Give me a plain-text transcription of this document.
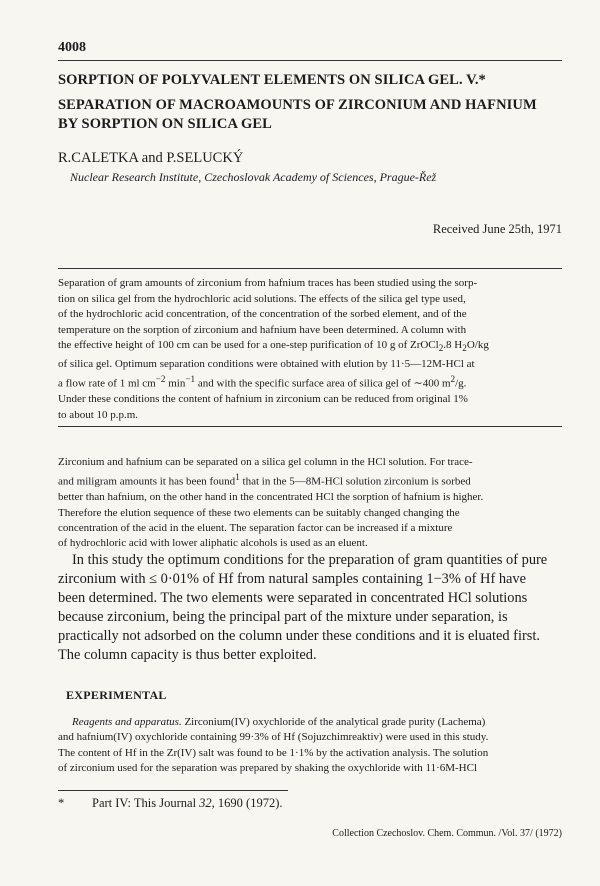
4008
SORPTION OF POLYVALENT ELEMENTS ON SILICA GEL. V.*
SEPARATION OF MACROAMOUNTS OF ZIRCONIUM AND HAFNIUM
BY SORPTION ON SILICA GEL
R.CALETKA and P.SELUCKÝ
Nuclear Research Institute, Czechoslovak Academy of Sciences, Prague-Řež
Received June 25th, 1971
Separation of gram amounts of zirconium from hafnium traces has been studied using the sorp-
tion on silica gel from the hydrochloric acid solutions. The effects of the silica gel type used,
of the hydrochloric acid concentration, of the concentration of the sorbed element, and of the
temperature on the sorption of zirconium and hafnium have been determined. A column with
the effective height of 100 cm can be used for a one-step purification of 10 g of ZrOCl$_2$.8 $H_2O/kg$
of silica gel. Optimum separation conditions were obtained with elution by 11·5—12M-HCl at
a flow rate of 1 ml $cm^{-2}$ $\min^{-1}$ and with the specific surface area of silica gel of ∼400 $m^2/g$.
Under these conditions the content of hafnium in zirconium can be reduced from original 1%
to about 10 p.p.m.
Zirconium and hafnium can be separated on a silica gel column in the HCl solution. For trace-
and miligram amounts it has been found$^1$ that in the 5—8M-HCl solution zirconium is sorbed
better than hafnium, on the other hand in the concentrated HCl the sorption of hafnium is higher.
Therefore the elution sequence of these two elements can be suitably changed changing the
concentration of the acid in the eluent. The separation factor can be increased if a mixture
of hydrochloric acid with lower aliphatic alcohols is used as an eluent.
In this study the optimum conditions for the preparation of gram quantities of pure
zirconium with ≤ 0·01% of Hf from natural samples containing 1−3% of Hf have
been determined. The two elements were separated in concentrated HCl solutions
because zirconium, being the principal part of the mixture under separation, is
practically not adsorbed on the column under these conditions and it is eluated first.
The column capacity is thus better exploited.
EXPERIMENTAL
Reagents and apparatus. Zirconium(IV) oxychloride of the analytical grade purity (Lachema)
and hafnium(IV) oxychloride containing 99·3% of Hf (Sojuzchimreaktiv) were used in this study.
The content of Hf in the Zr(IV) salt was found to be 1·1% by the activation analysis. The solution
of zirconium used for the separation was prepared by shaking the oxychloride with 11·6M-HCl
* Part IV: This Journal 32, 1690 (1972).
Collection Czechoslov. Chem. Commun. /Vol. 37/ (1972)
